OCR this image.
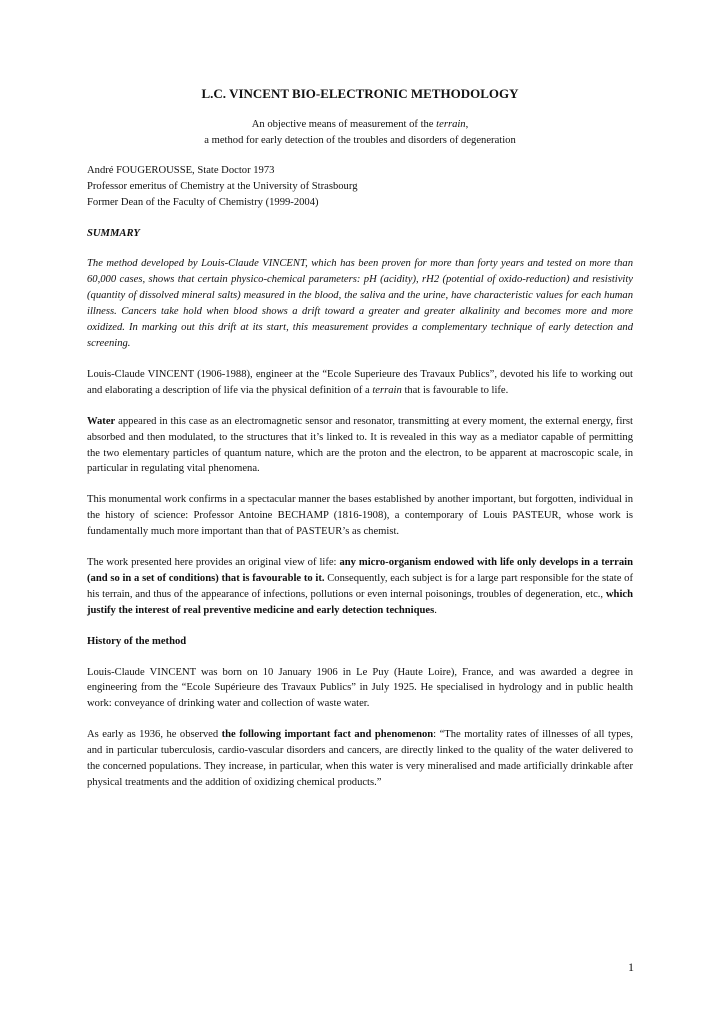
L.C. VINCENT BIO-ELECTRONIC METHODOLOGY
An objective means of measurement of the terrain,
a method for early detection of the troubles and disorders of degeneration

André FOUGEROUSSE, State Doctor 1973

Professor emeritus of Chemistry at the University of Strasbourg

Former Dean of the Faculty of Chemistry (1999-2004)

SUMMARY

The method developed by Louis-Claude VINCENT, which has been proven for more than forty years and tested on more than 60,000 cases, shows that certain physico-chemical parameters: pH (acidity), rH2 (potential of oxido-reduction) and resistivity (quantity of dissolved mineral salts) measured in the blood, the saliva and the urine, have characteristic values for each human illness. Cancers take hold when blood shows a drift toward a greater and greater alkalinity and becomes more and more oxidized. In marking out this drift at its start, this measurement provides a complementary technique of early detection and screening.

Louis-Claude VINCENT (1906-1988), engineer at the “Ecole Superieure des Travaux Publics”, devoted his life to working out and elaborating a description of life via the physical definition of a terrain that is favourable to life.

Water appeared in this case as an electromagnetic sensor and resonator, transmitting at every moment, the external energy, first absorbed and then modulated, to the structures that it’s linked to. It is revealed in this way as a mediator capable of permitting the two elementary particles of quantum nature, which are the proton and the electron, to be apparent at macroscopic scale, in particular in regulating vital phenomena.

This monumental work confirms in a spectacular manner the bases established by another important, but forgotten, individual in the history of science: Professor Antoine BECHAMP (1816-1908), a contemporary of Louis PASTEUR, whose work is fundamentally much more important than that of PASTEUR’s as chemist.

The work presented here provides an original view of life: any micro-organism endowed with life only develops in a terrain (and so in a set of conditions) that is favourable to it. Consequently, each subject is for a large part responsible for the state of his terrain, and thus of the appearance of infections, pollutions or even internal poisonings, troubles of degeneration, etc., which justify the interest of real preventive medicine and early detection techniques.

History of the method

Louis-Claude VINCENT was born on 10 January 1906 in Le Puy (Haute Loire), France, and was awarded a degree in engineering from the “Ecole Supérieure des Travaux Publics” in July 1925. He specialised in hydrology and in public health work: conveyance of drinking water and collection of waste water.

As early as 1936, he observed the following important fact and phenomenon: “The mortality rates of illnesses of all types, and in particular tuberculosis, cardio-vascular disorders and cancers, are directly linked to the quality of the water delivered to the concerned populations. They increase, in particular, when this water is very mineralised and made artificially drinkable after physical treatments and the addition of oxidizing chemical products.”

1
